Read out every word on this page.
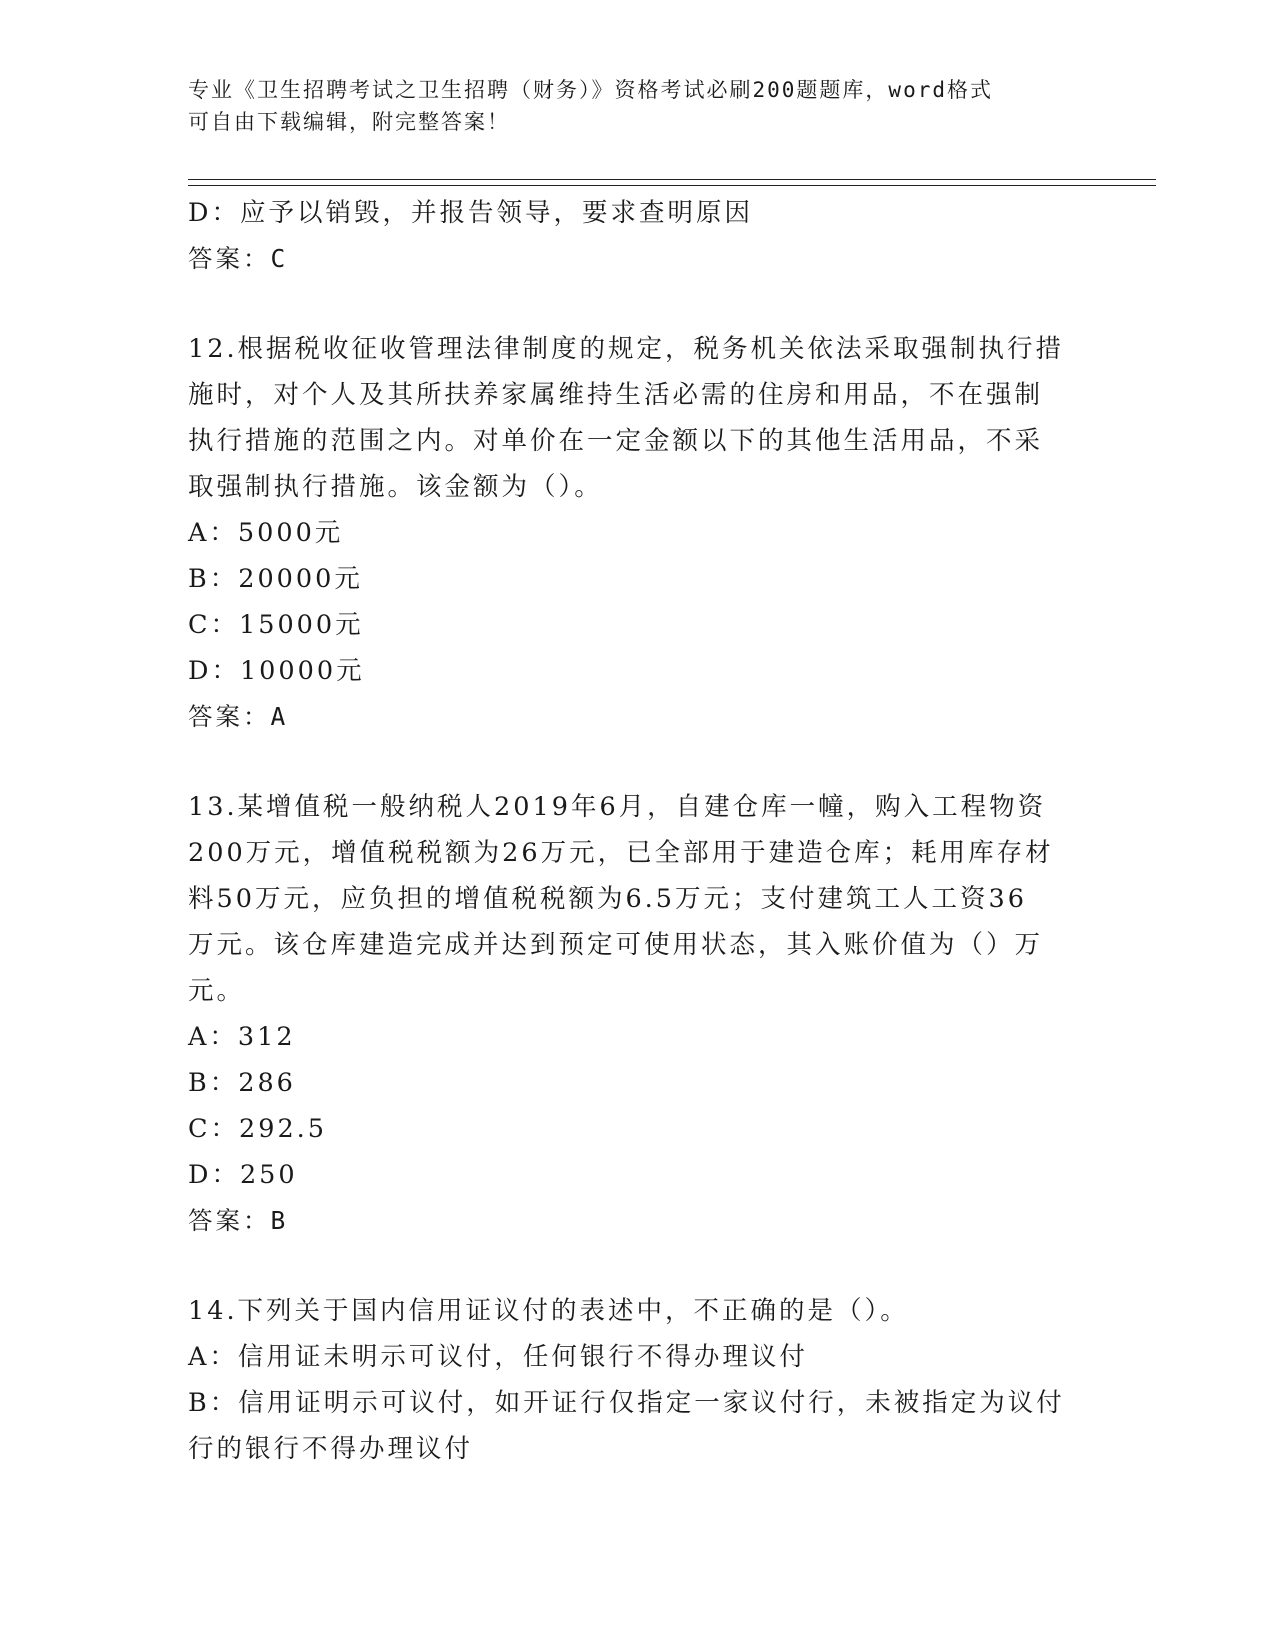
专业《卫生招聘考试之卫生招聘（财务）》资格考试必刷200题题库，word格式
可自由下载编辑，附完整答案！
D：应予以销毁，并报告领导，要求查明原因
答案：C
12.根据税收征收管理法律制度的规定，税务机关依法采取强制执行措
施时，对个人及其所扶养家属维持生活必需的住房和用品，不在强制
执行措施的范围之内。对单价在一定金额以下的其他生活用品，不采
取强制执行措施。该金额为（）。
A：5000元
B：20000元
C：15000元
D：10000元
答案：A
13.某增值税一般纳税人2019年6月，自建仓库一幢，购入工程物资
200万元，增值税税额为26万元，已全部用于建造仓库；耗用库存材
料50万元，应负担的增值税税额为6.5万元；支付建筑工人工资36
万元。该仓库建造完成并达到预定可使用状态，其入账价值为（）万
元。
A：312
B：286
C：292.5
D：250
答案：B
14.下列关于国内信用证议付的表述中，不正确的是（）。
A：信用证未明示可议付，任何银行不得办理议付
B：信用证明示可议付，如开证行仅指定一家议付行，未被指定为议付
行的银行不得办理议付
